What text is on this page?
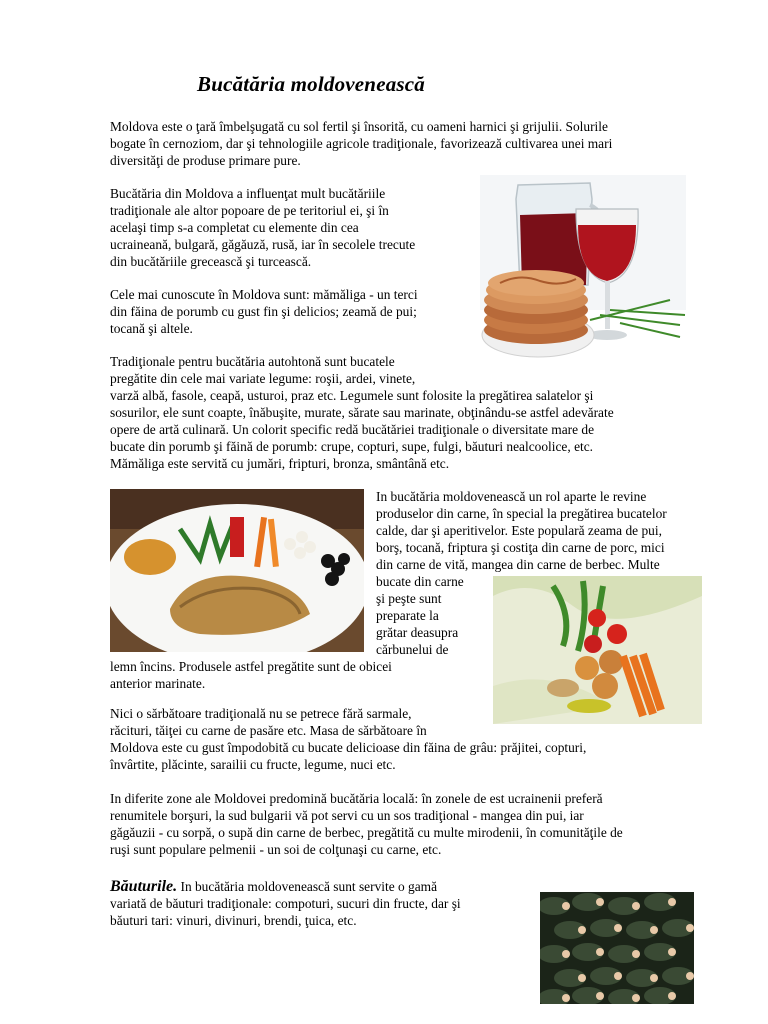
Bucătăria moldovenească
Moldova este o ţară îmbelşugată cu sol fertil şi însorită, cu oameni harnici şi grijulii. Solurile
bogate în cernoziom, dar şi tehnologiile agricole tradiţionale, favorizează cultivarea unei mari
diversităţi de produse primare pure.
Bucătăria din Moldova a influenţat mult bucătăriile
tradiţionale ale altor popoare de pe teritoriul ei, şi în
acelaşi timp s-a completat cu elemente din cea
ucraineană, bulgară, găgăuză, rusă, iar în secolele trecute
din bucătăriile grecească şi turcească.
Cele mai cunoscute în Moldova sunt: mămăliga - un terci
din făina de porumb cu gust fin şi delicios; zeamă de pui;
tocană şi altele.
Tradiţionale pentru bucătăria autohtonă sunt bucatele
pregătite din cele mai variate legume: roşii, ardei, vinete,
varză albă, fasole, ceapă, usturoi, praz etc. Legumele sunt folosite la pregătirea salatelor şi
sosurilor, ele sunt coapte, înăbuşite, murate, sărate sau marinate, obţinându-se astfel adevărate
opere de artă culinară. Un colorit specific redă bucătăriei tradiţionale o diversitate mare de
bucate din porumb şi făină de porumb: crupe, copturi, supe, fulgi, băuturi nealcoolice, etc.
Mămăliga este servită cu jumări, fripturi, bronza, smântână etc.
In bucătăria moldovenească un rol aparte le revine
produselor din carne, în special la pregătirea bucatelor
calde, dar şi aperitivelor. Este populară zeama de pui,
borş, tocană, friptura şi costiţa din carne de porc, mici
din carne de vită, mangea din carne de berbec. Multe
bucate din carne
şi peşte sunt
preparate la
grătar deasupra
cărbunelui de
lemn încins. Produsele astfel pregătite sunt de obicei
anterior marinate.
Nici o sărbătoare tradiţională nu se petrece fără sarmale,
răcituri, tăiţei cu carne de pasăre etc. Masa de sărbătoare în
Moldova este cu gust împodobită cu bucate delicioase din făina de grâu: prăjitei, copturi,
învârtite, plăcinte, sarailii cu fructe, legume, nuci etc.
In diferite zone ale Moldovei predomină bucătăria locală: în zonele de est ucrainenii preferă
renumitele borşuri, la sud bulgarii vă pot servi cu un sos tradiţional - mangea din pui, iar
găgăuzii - cu sorpă, o supă din carne de berbec, pregătită cu multe mirodenii, în comunităţile de
ruşi sunt populare pelmenii - un soi de colţunaşi cu carne, etc.
Băuturile. In bucătăria moldovenească sunt servite o gamă
variată de băuturi tradiţionale: compoturi, sucuri din fructe, dar şi
băuturi tari: vinuri, divinuri, brendi, ţuica, etc.
